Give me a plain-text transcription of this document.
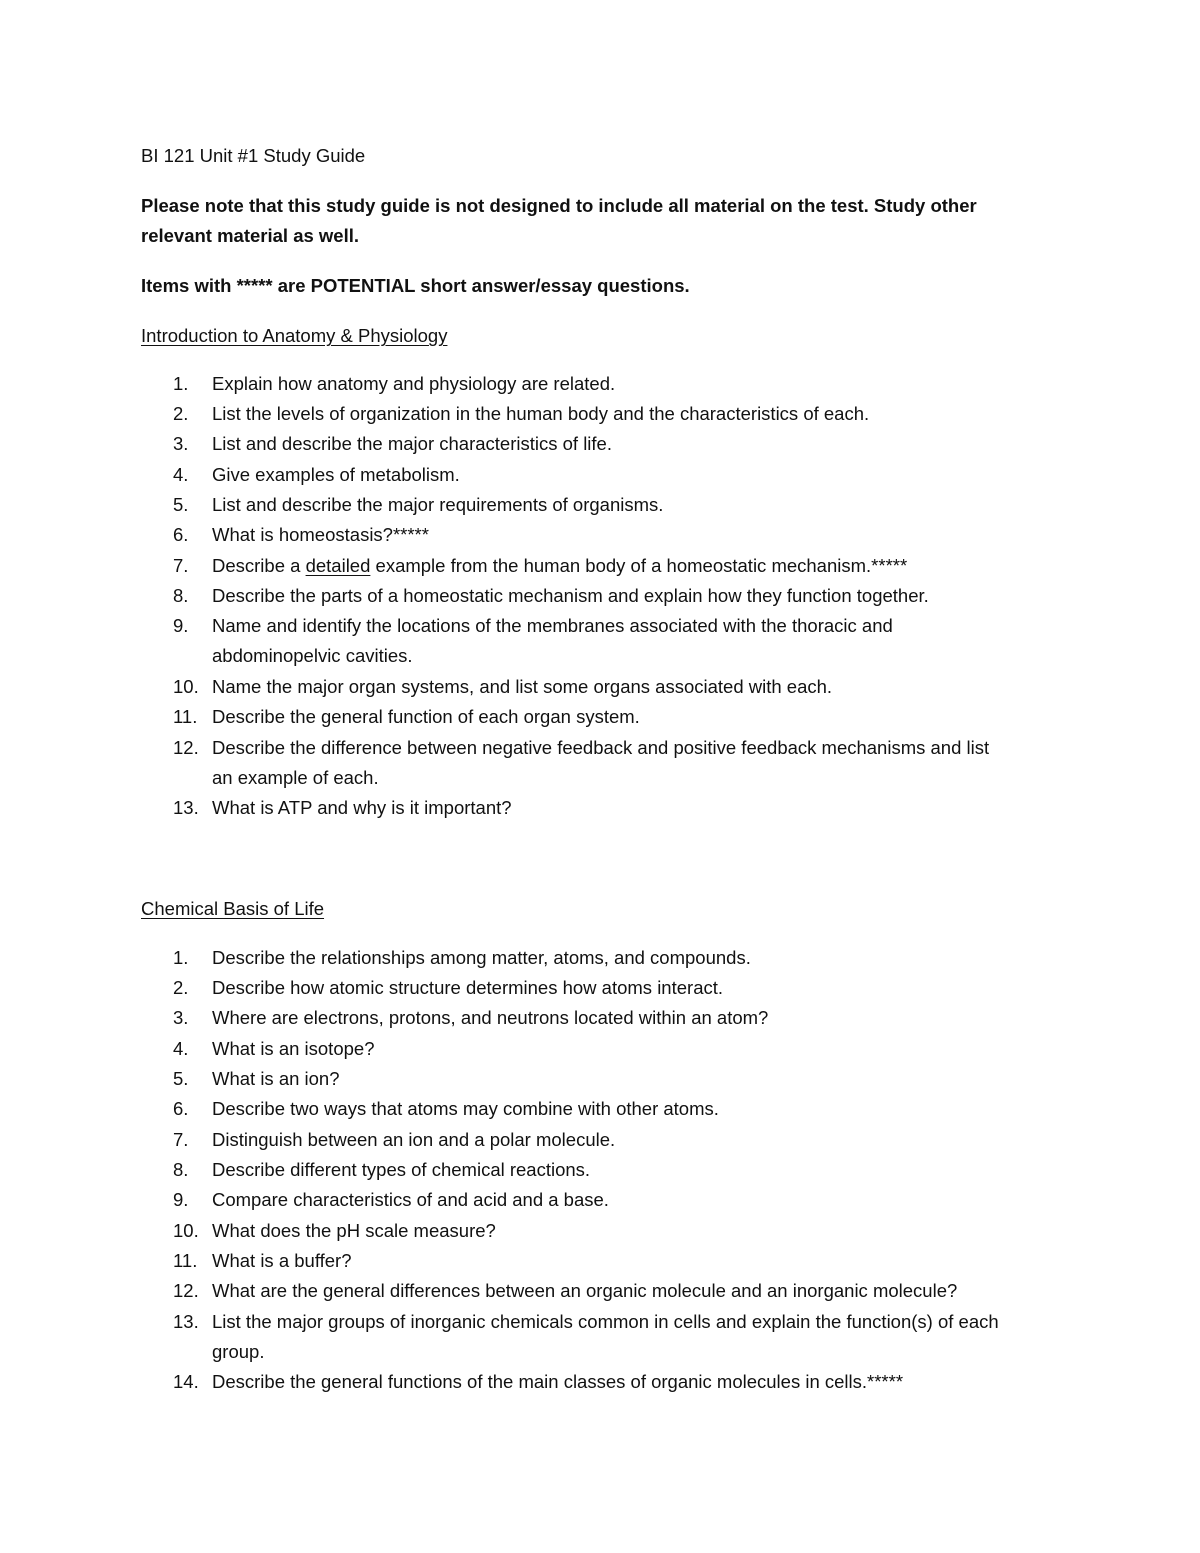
BI 121 Unit #1 Study Guide
Please note that this study guide is not designed to include all material on the test. Study other
relevant material as well.
Items with ***** are POTENTIAL short answer/essay questions.
Introduction to Anatomy & Physiology
1.	Explain how anatomy and physiology are related.
2.	List the levels of organization in the human body and the characteristics of each.
3.	List and describe the major characteristics of life.
4.	Give examples of metabolism.
5.	List and describe the major requirements of organisms.
6.	What is homeostasis?*****
7.	Describe a detailed example from the human body of a homeostatic mechanism.*****
8.	Describe the parts of a homeostatic mechanism and explain how they function together.
9.	Name and identify the locations of the membranes associated with the thoracic and
abdominopelvic cavities.
10. Name the major organ systems, and list some organs associated with each.
11. Describe the general function of each organ system.
12. Describe the difference between negative feedback and positive feedback mechanisms and list
an example of each.
13. What is ATP and why is it important?
Chemical Basis of Life
1.	Describe the relationships among matter, atoms, and compounds.
2.	Describe how atomic structure determines how atoms interact.
3.	Where are electrons, protons, and neutrons located within an atom?
4.	What is an isotope?
5.	What is an ion?
6.	Describe two ways that atoms may combine with other atoms.
7.	Distinguish between an ion and a polar molecule.
8.	Describe different types of chemical reactions.
9.	Compare characteristics of and acid and a base.
10. What does the pH scale measure?
11. What is a buffer?
12. What are the general differences between an organic molecule and an inorganic molecule?
13. List the major groups of inorganic chemicals common in cells and explain the function(s) of each
group.
14. Describe the general functions of the main classes of organic molecules in cells.*****
